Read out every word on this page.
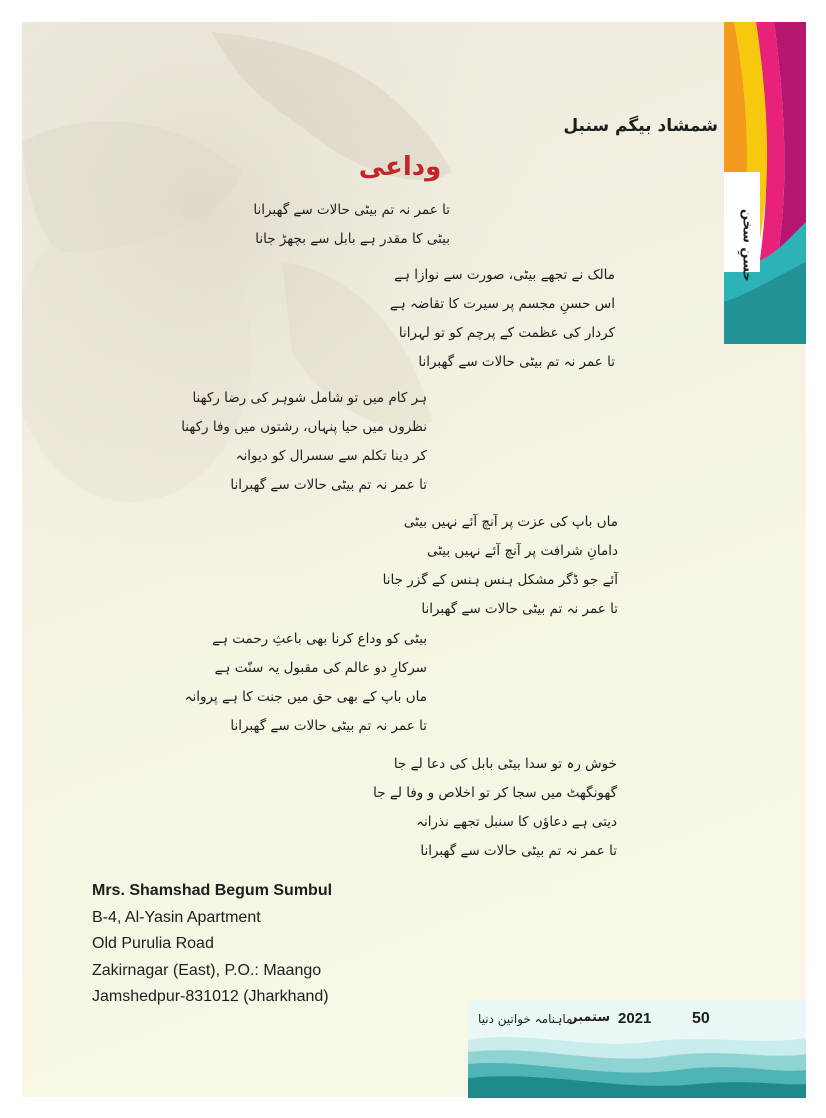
حسنِ سخن
شمشاد بیگم سنبل
وداعی
تا عمر نہ تم بیٹی حالات سے گھبرانا
بیٹی کا مقدر ہے بابل سے بچھڑ جانا
مالک نے تجھے بیٹی، صورت سے نوازا ہے
اس حسنِ مجسم پر سیرت کا تقاضہ ہے
کردار کی عظمت کے پرچم کو تو لہرانا
تا عمر نہ تم بیٹی حالات سے گھبرانا
ہر کام میں تو شامل شوہر کی رضا رکھنا
نظروں میں حیا پنہاں، رشتوں میں وفا رکھنا
کر دینا تکلم سے سسرال کو دیوانہ
تا عمر نہ تم بیٹی حالات سے گھبرانا
ماں باپ کی عزت پر آنچ آئے نہیں بیٹی
دامانِ شرافت پر آنچ آئے نہیں بیٹی
آئے جو ڈگر مشکل ہنس ہنس کے گزر جانا
تا عمر نہ تم بیٹی حالات سے گھبرانا
بیٹی کو وداع کرنا بھی باعثِ رحمت ہے
سرکارِ دو عالم کی مقبول یہ سنّت ہے
ماں باپ کے بھی حق میں جنت کا ہے پروانہ
تا عمر نہ تم بیٹی حالات سے گھبرانا
خوش رہ تو سدا بیٹی بابل کی دعا لے جا
گھونگھٹ میں سجا کر تو اخلاص و وفا لے جا
دیتی ہے دعاؤں کا سنبل تجھے نذرانہ
تا عمر نہ تم بیٹی حالات سے گھبرانا
Mrs. Shamshad Begum Sumbul
B-4, Al-Yasin Apartment
Old Purulia Road
Zakirnagar (East), P.O.: Maango
Jamshedpur-831012 (Jharkhand)
ماہنامہ خواتین دنیا
ستمبر 2021	50
